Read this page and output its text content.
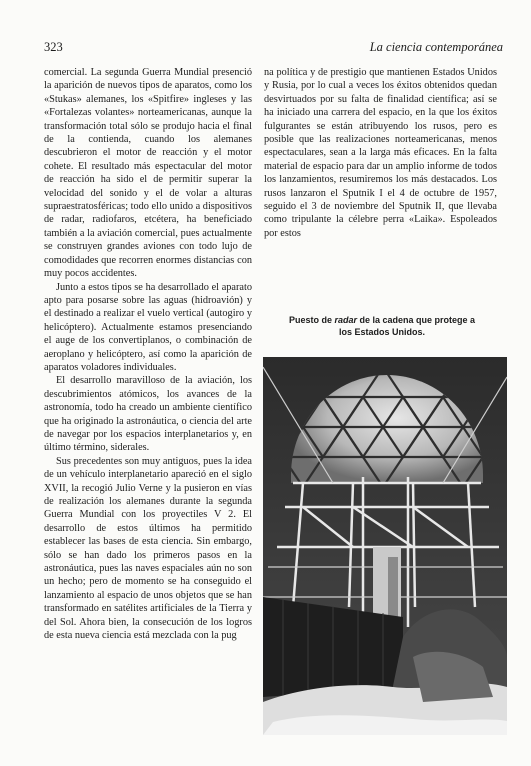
323	La ciencia contemporánea

comercial. La segunda Guerra Mundial presenció la aparición de nuevos tipos de aparatos, como los «Stukas» alemanes, los «Spitfire» ingleses y las «Fortalezas volantes» norteamericanas, aunque la transformación total sólo se produjo hacia el final de la contienda, cuando los alemanes descubrieron el motor de reacción y el motor cohete. El resultado más espectacular del motor de reacción ha sido el de permitir superar la velocidad del sonido y el de volar a alturas supraestratosféricas; todo ello unido a dispositivos de radar, radiofaros, etcétera, ha beneficiado también a la aviación comercial, pues actualmente se construyen grandes aviones con todo lujo de comodidades que recorren enormes distancias con muy pocos accidentes.

Junto a estos tipos se ha desarrollado el aparato apto para posarse sobre las aguas (hidroavión) y el destinado a realizar el vuelo vertical (autogiro y helicóptero). Actualmente estamos presenciando el auge de los convertiplanos, o combinación de aeroplano y helicóptero, así como la aparición de aparatos voladores individuales.

El desarrollo maravilloso de la aviación, los descubrimientos atómicos, los avances de la astronomía, todo ha creado un ambiente científico que ha originado la astronáutica, o ciencia del arte de navegar por los espacios interplanetarios y, en último término, siderales.

Sus precedentes son muy antiguos, pues la idea de un vehículo interplanetario apareció en el siglo XVII, la recogió Julio Verne y la pusieron en vías de realización los alemanes durante la segunda Guerra Mundial con los proyectiles V 2. El desarrollo de estos últimos ha permitido establecer las bases de esta ciencia. Sin embargo, sólo se han dado los primeros pasos en la astronáutica, pues las naves espaciales aún no son un hecho; pero de momento se ha conseguido el lanzamiento al espacio de unos objetos que se han transformado en satélites artificiales de la Tierra y del Sol. Ahora bien, la consecución de los logros de esta nueva ciencia está mezclada con la pug

na política y de prestigio que mantienen Estados Unidos y Rusia, por lo cual a veces los éxitos obtenidos quedan desvirtuados por su falta de finalidad científica; así se ha iniciado una carrera del espacio, en la que los éxitos fulgurantes se están atribuyendo los rusos, pero es posible que las realizaciones norteamericanas, menos espectaculares, sean a la larga más eficaces. En la falta material de espacio para dar un amplio informe de todos los lanzamientos, resumiremos los más destacados. Los rusos lanzaron el Sputnik I el 4 de octubre de 1957, seguido el 3 de noviembre del Sputnik II, que llevaba como tripulante la célebre perra «Laika». Espoleados por estos

Puesto de radar de la cadena que protege a los Estados Unidos.
